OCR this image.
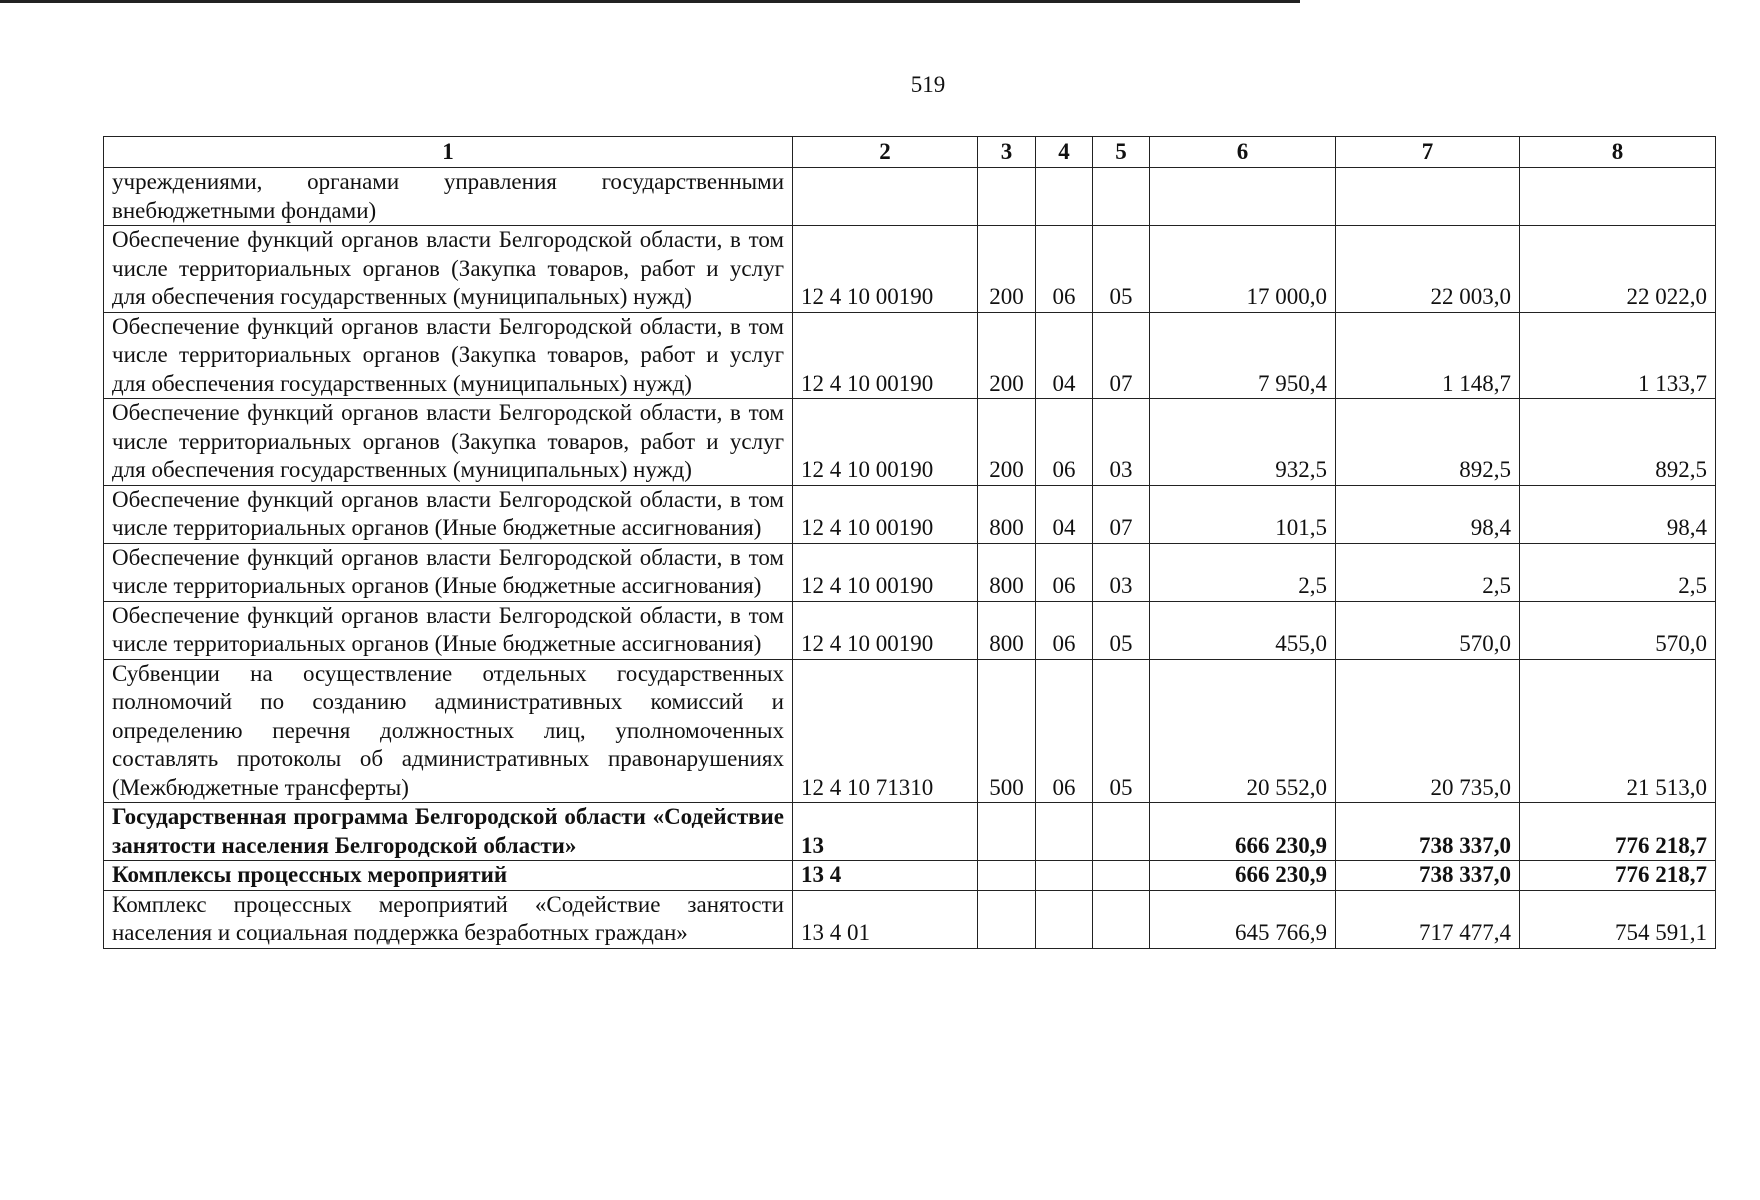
519
1	2	3	4	5	6	7	8
учреждениями, органами управления государственными внебюджетными фондами)							
Обеспечение функций органов власти Белгородской области, в том числе территориальных органов (Закупка товаров, работ и услуг для обеспечения государственных (муниципальных) нужд)	12 4 10 00190	200	06	05	17 000,0	22 003,0	22 022,0
Обеспечение функций органов власти Белгородской области, в том числе территориальных органов (Закупка товаров, работ и услуг для обеспечения государственных (муниципальных) нужд)	12 4 10 00190	200	04	07	7 950,4	1 148,7	1 133,7
Обеспечение функций органов власти Белгородской области, в том числе территориальных органов (Закупка товаров, работ и услуг для обеспечения государственных (муниципальных) нужд)	12 4 10 00190	200	06	03	932,5	892,5	892,5
Обеспечение функций органов власти Белгородской области, в том числе территориальных органов (Иные бюджетные ассигнования)	12 4 10 00190	800	04	07	101,5	98,4	98,4
Обеспечение функций органов власти Белгородской области, в том числе территориальных органов (Иные бюджетные ассигнования)	12 4 10 00190	800	06	03	2,5	2,5	2,5
Обеспечение функций органов власти Белгородской области, в том числе территориальных органов (Иные бюджетные ассигнования)	12 4 10 00190	800	06	05	455,0	570,0	570,0
Субвенции на осуществление отдельных государственных полномочий по созданию административных комиссий и определению перечня должностных лиц, уполномоченных составлять протоколы об административных правонарушениях (Межбюджетные трансферты)	12 4 10 71310	500	06	05	20 552,0	20 735,0	21 513,0
Государственная программа Белгородской области «Содействие занятости населения Белгородской области»	13				666 230,9	738 337,0	776 218,7
Комплексы процессных мероприятий	13 4				666 230,9	738 337,0	776 218,7
Комплекс процессных мероприятий «Содействие занятости населения и социальная поддержка безработных граждан»	13 4 01				645 766,9	717 477,4	754 591,1
